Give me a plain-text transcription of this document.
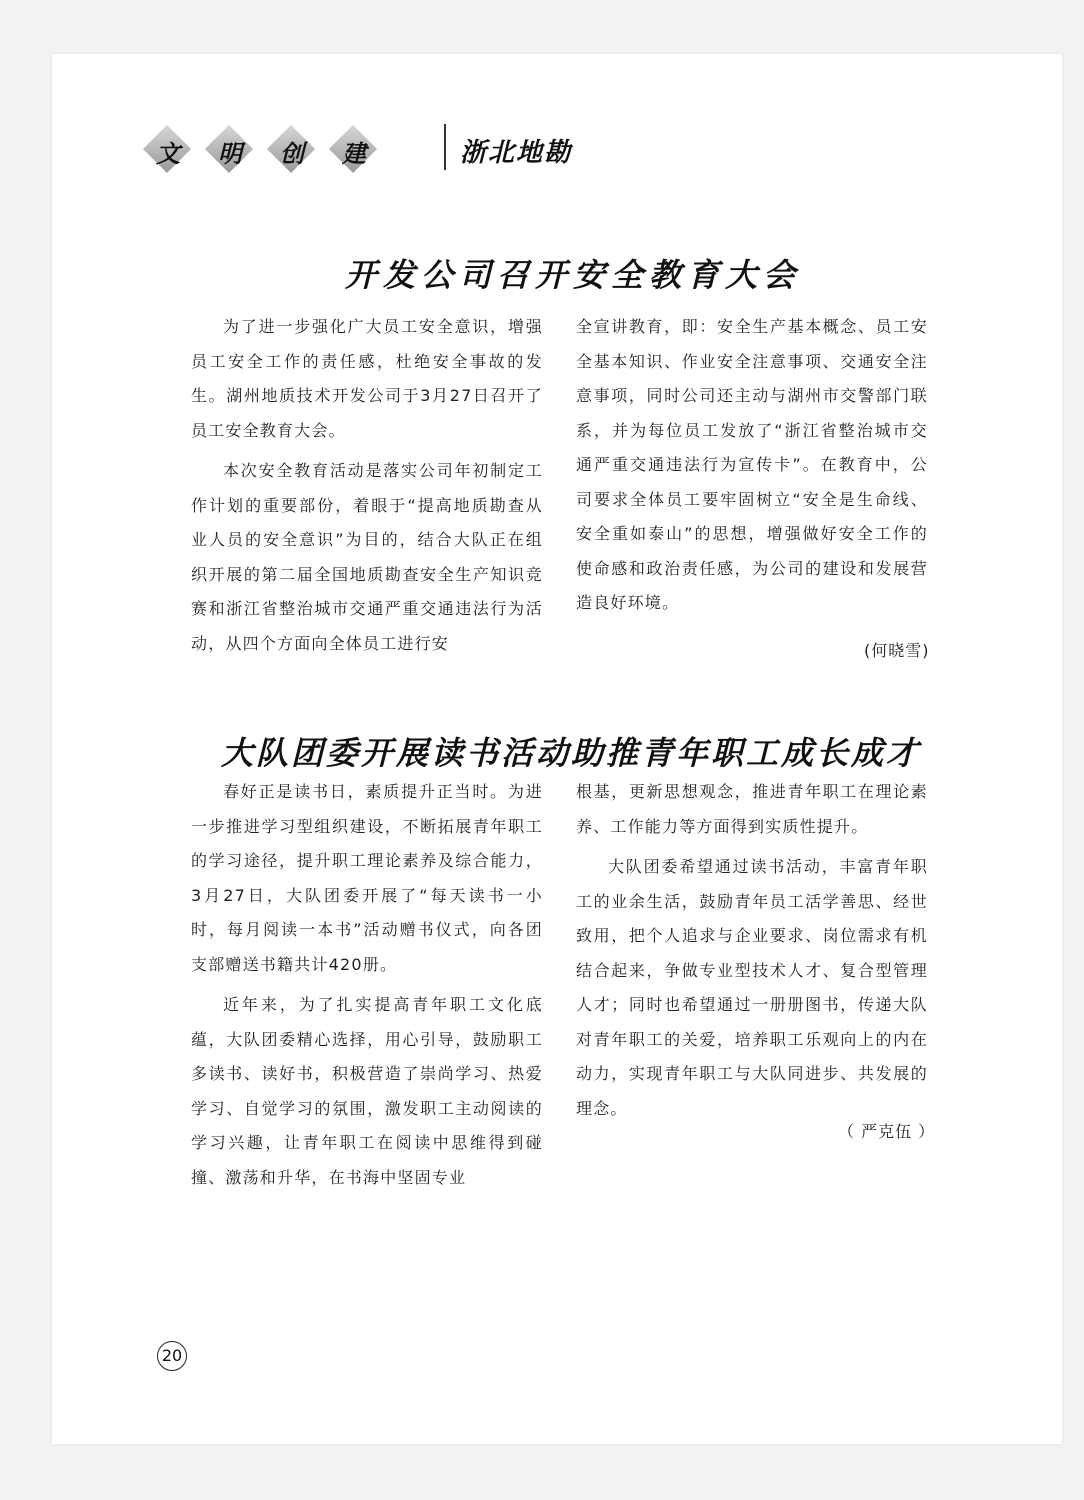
文	明	创	建	浙北地勘
开发公司召开安全教育大会

为了进一步强化广大员工安全意识，增强员工安全工作的责任感，杜绝安全事故的发生。湖州地质技术开发公司于3月27日召开了员工安全教育大会。

本次安全教育活动是落实公司年初制定工作计划的重要部份，着眼于“提高地质勘查从业人员的安全意识”为目的，结合大队正在组织开展的第二届全国地质勘查安全生产知识竞赛和浙江省整治城市交通严重交通违法行为活动，从四个方面向全体员工进行安

全宣讲教育，即：安全生产基本概念、员工安全基本知识、作业安全注意事项、交通安全注意事项，同时公司还主动与湖州市交警部门联系，并为每位员工发放了“浙江省整治城市交通严重交通违法行为宣传卡”。在教育中，公司要求全体员工要牢固树立“安全是生命线、安全重如泰山”的思想，增强做好安全工作的使命感和政治责任感，为公司的建设和发展营造良好环境。

(何晓雪)
大队团委开展读书活动助推青年职工成长成才

春好正是读书日，素质提升正当时。为进一步推进学习型组织建设，不断拓展青年职工的学习途径，提升职工理论素养及综合能力，3月27日，大队团委开展了“每天读书一小时，每月阅读一本书”活动赠书仪式，向各团支部赠送书籍共计420册。

近年来，为了扎实提高青年职工文化底蕴，大队团委精心选择，用心引导，鼓励职工多读书、读好书，积极营造了崇尚学习、热爱学习、自觉学习的氛围，激发职工主动阅读的学习兴趣，让青年职工在阅读中思维得到碰撞、激荡和升华，在书海中坚固专业

根基，更新思想观念，推进青年职工在理论素养、工作能力等方面得到实质性提升。

大队团委希望通过读书活动，丰富青年职工的业余生活，鼓励青年员工活学善思、经世致用，把个人追求与企业要求、岗位需求有机结合起来，争做专业型技术人才、复合型管理人才；同时也希望通过一册册图书，传递大队对青年职工的关爱，培养职工乐观向上的内在动力，实现青年职工与大队同进步、共发展的理念。

（ 严克伍 ）
20
